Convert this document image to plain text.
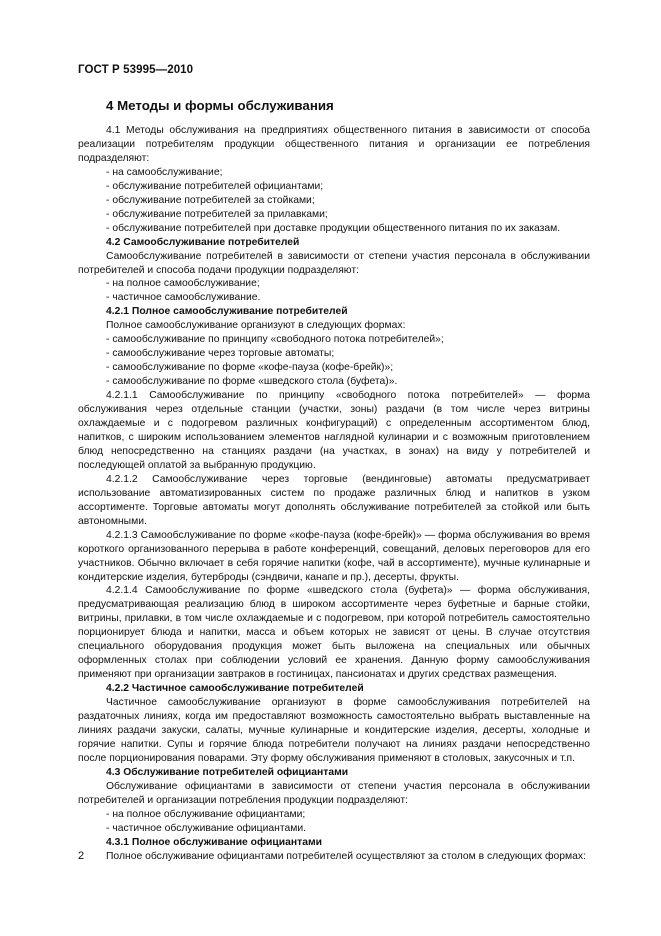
ГОСТ Р 53995—2010
4 Методы и формы обслуживания

4.1 Методы обслуживания на предприятиях общественного питания в зависимости от способа реализации потребителям продукции общественного питания и организации ее потребления подразделяют:

- на самообслуживание;

- обслуживание потребителей официантами;

- обслуживание потребителей за стойками;

- обслуживание потребителей за прилавками;

- обслуживание потребителей при доставке продукции общественного питания по их заказам.

4.2 Самообслуживание потребителей

Самообслуживание потребителей в зависимости от степени участия персонала в обслуживании потребителей и способа подачи продукции подразделяют:

- на полное самообслуживание;

- частичное самообслуживание.

4.2.1 Полное самообслуживание потребителей

Полное самообслуживание организуют в следующих формах:

- самообслуживание по принципу «свободного потока потребителей»;

- самообслуживание через торговые автоматы;

- самообслуживание по форме «кофе-пауза (кофе-брейк)»;

- самообслуживание по форме «шведского стола (буфета)».

4.2.1.1 Самообслуживание по принципу «свободного потока потребителей» — форма обслуживания через отдельные станции (участки, зоны) раздачи (в том числе через витрины охлаждаемые и с подогревом различных конфигураций) с определенным ассортиментом блюд, напитков, с широким использованием элементов наглядной кулинарии и с возможным приготовлением блюд непосредственно на станциях раздачи (на участках, в зонах) на виду у потребителей и последующей оплатой за выбранную продукцию.

4.2.1.2 Самообслуживание через торговые (вендинговые) автоматы предусматривает использование автоматизированных систем по продаже различных блюд и напитков в узком ассортименте. Торговые автоматы могут дополнять обслуживание потребителей за стойкой или быть автономными.

4.2.1.3 Самообслуживание по форме «кофе-пауза (кофе-брейк)» — форма обслуживания во время короткого организованного перерыва в работе конференций, совещаний, деловых переговоров для его участников. Обычно включает в себя горячие напитки (кофе, чай в ассортименте), мучные кулинарные и кондитерские изделия, бутерброды (сэндвичи, канапе и пр.), десерты, фрукты.

4.2.1.4 Самообслуживание по форме «шведского стола (буфета)» — форма обслуживания, предусматривающая реализацию блюд в широком ассортименте через буфетные и барные стойки, витрины, прилавки, в том числе охлаждаемые и с подогревом, при которой потребитель самостоятельно порционирует блюда и напитки, масса и объем которых не зависят от цены. В случае отсутствия специального оборудования продукция может быть выложена на специальных или обычных оформленных столах при соблюдении условий ее хранения. Данную форму самообслуживания применяют при организации завтраков в гостиницах, пансионатах и других средствах размещения.

4.2.2 Частичное самообслуживание потребителей

Частичное самообслуживание организуют в форме самообслуживания потребителей на раздаточных линиях, когда им предоставляют возможность самостоятельно выбрать выставленные на линиях раздачи закуски, салаты, мучные кулинарные и кондитерские изделия, десерты, холодные и горячие напитки. Супы и горячие блюда потребители получают на линиях раздачи непосредственно после порционирования поварами. Эту форму обслуживания применяют в столовых, закусочных и т.п.

4.3 Обслуживание потребителей официантами

Обслуживание официантами в зависимости от степени участия персонала в обслуживании потребителей и организации потребления продукции подразделяют:

- на полное обслуживание официантами;

- частичное обслуживание официантами.

4.3.1 Полное обслуживание официантами

Полное обслуживание официантами потребителей осуществляют за столом в следующих формах:

2
